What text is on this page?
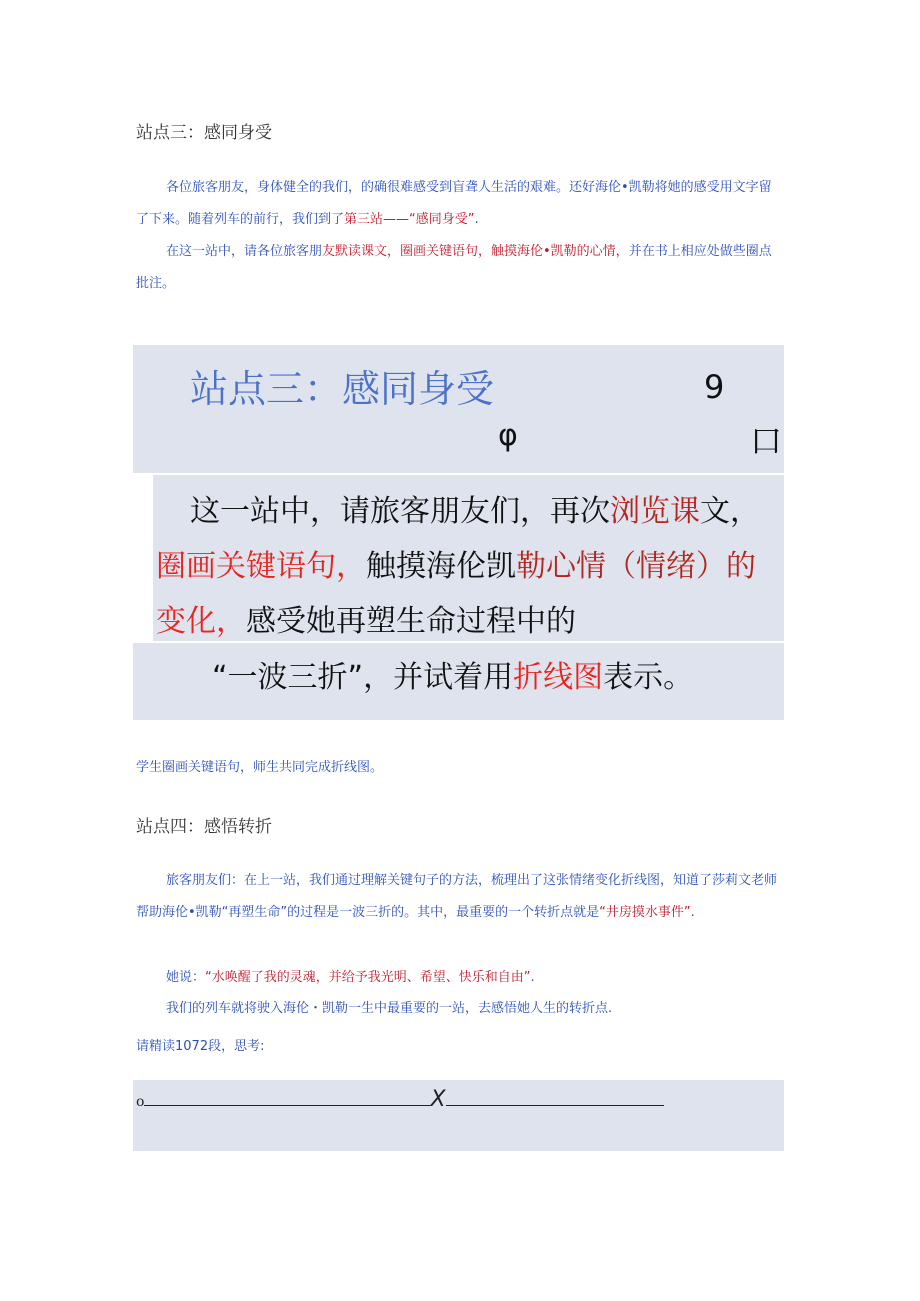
站点三：感同身受
各位旅客朋友，身体健全的我们，的确很难感受到盲聋人生活的艰难。还好海伦•凯勒将她的感受用文字留了下来。随着列车的前行，我们到了第三站——“感同身受”.
在这一站中，请各位旅客朋友默读课文，圈画关键语句，触摸海伦•凯勒的心情，并在书上相应处做些圈点批注。
站点三：感同身受	9
φ	口
这一站中，请旅客朋友们，再次浏览课文，
圈画关键语句，触摸海伦凯勒心情（情绪）的
变化，感受她再塑生命过程中的
“一波三折”，并试着用折线图表示。
学生圈画关键语句，师生共同完成折线图。
站点四：感悟转折
旅客朋友们：在上一站，我们通过理解关键句子的方法，梳理出了这张情绪变化折线图，知道了莎莉文老师帮助海伦•凯勒“再塑生命”的过程是一波三折的。其中，最重要的一个转折点就是“井房摸水事件”.
她说：“水唤醒了我的灵魂，并给予我光明、希望、快乐和自由”.
我们的列车就将驶入海伦・凯勒一生中最重要的一站，去感悟她人生的转折点.
请精读1072段，思考:
o	X
